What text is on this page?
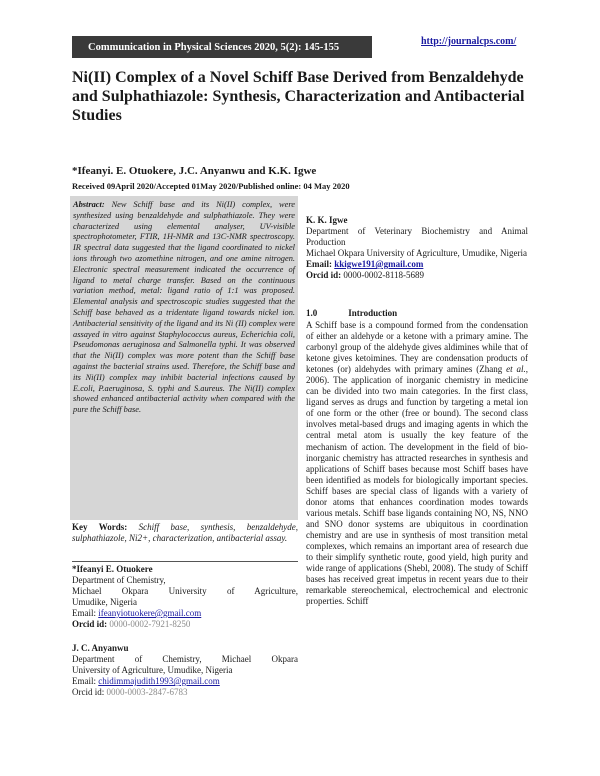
Communication in Physical Sciences 2020, 5(2): 145-155	http://journalcps.com/
Ni(II) Complex of a Novel Schiff Base Derived from Benzaldehyde and Sulphathiazole: Synthesis, Characterization and Antibacterial Studies
*Ifeanyi. E. Otuokere, J.C. Anyanwu and K.K. Igwe
Received 09April 2020/Accepted 01May 2020/Published online: 04 May 2020
Abstract: New Schiff base and its Ni(II) complex, were synthesized using benzaldehyde and sulphathiazole. They were characterized using elemental analyser, UV-visible spectrophotometer, FTIR, 1H-NMR and 13C-NMR spectroscopy. IR spectral data suggested that the ligand coordinated to nickel ions through two azomethine nitrogen, and one amine nitrogen. Electronic spectral measurement indicated the occurrence of ligand to metal charge transfer. Based on the continuous variation method, metal: ligand ratio of 1:1 was proposed. Elemental analysis and spectroscopic studies suggested that the Schiff base behaved as a tridentate ligand towards nickel ion. Antibacterial sensitivity of the ligand and its Ni (II) complex were assayed in vitro against Staphylococcus aureus, Echerichia coli, Pseudomonas aeruginosa and Salmonella typhi. It was observed that the Ni(II) complex was more potent than the Schiff base against the bacterial strains used. Therefore, the Schiff base and its Ni(II) complex may inhibit bacterial infections caused by E.coli, P.aeruginosa, S. typhi and S.aureus. The Ni(II) complex showed enhanced antibacterial activity when compared with the pure the Schiff base.
Key Words: Schiff base, synthesis, benzaldehyde, sulphathiazole, Ni2+, characterization, antibacterial assay.
*Ifeanyi E. Otuokere
Department of Chemistry,
Michael Okpara University of Agriculture,
Umudike, Nigeria
Email: ifeanyiotuokere@gmail.com
Orcid id: 0000-0002-7921-8250
J. C. Anyanwu
Department of Chemistry, Michael Okpara
University of Agriculture, Umudike, Nigeria
Email: chidimmajudith1993@gmail.com
Orcid id: 0000-0003-2847-6783
K. K. Igwe
Department of Veterinary Biochemistry and Animal Production
Michael Okpara University of Agriculture, Umudike, Nigeria
Email: kkigwe191@gmail.com
Orcid id: 0000-0002-8118-5689
1.0	Introduction
A Schiff base is a compound formed from the condensation of either an aldehyde or a ketone with a primary amine. The carbonyl group of the aldehyde gives aldimines while that of ketone gives ketoimines. They are condensation products of ketones (or) aldehydes with primary amines (Zhang et al., 2006). The application of inorganic chemistry in medicine can be divided into two main categories. In the first class, ligand serves as drugs and function by targeting a metal ion of one form or the other (free or bound). The second class involves metal-based drugs and imaging agents in which the central metal atom is usually the key feature of the mechanism of action. The development in the field of bio-inorganic chemistry has attracted researches in synthesis and applications of Schiff bases because most Schiff bases have been identified as models for biologically important species. Schiff bases are special class of ligands with a variety of donor atoms that enhances coordination modes towards various metals. Schiff base ligands containing NO, NS, NNO and SNO donor systems are ubiquitous in coordination chemistry and are use in synthesis of most transition metal complexes, which remains an important area of research due to their simplify synthetic route, good yield, high purity and wide range of applications (Shebl, 2008). The study of Schiff bases has received great impetus in recent years due to their remarkable stereochemical, electrochemical and electronic properties. Schiff
